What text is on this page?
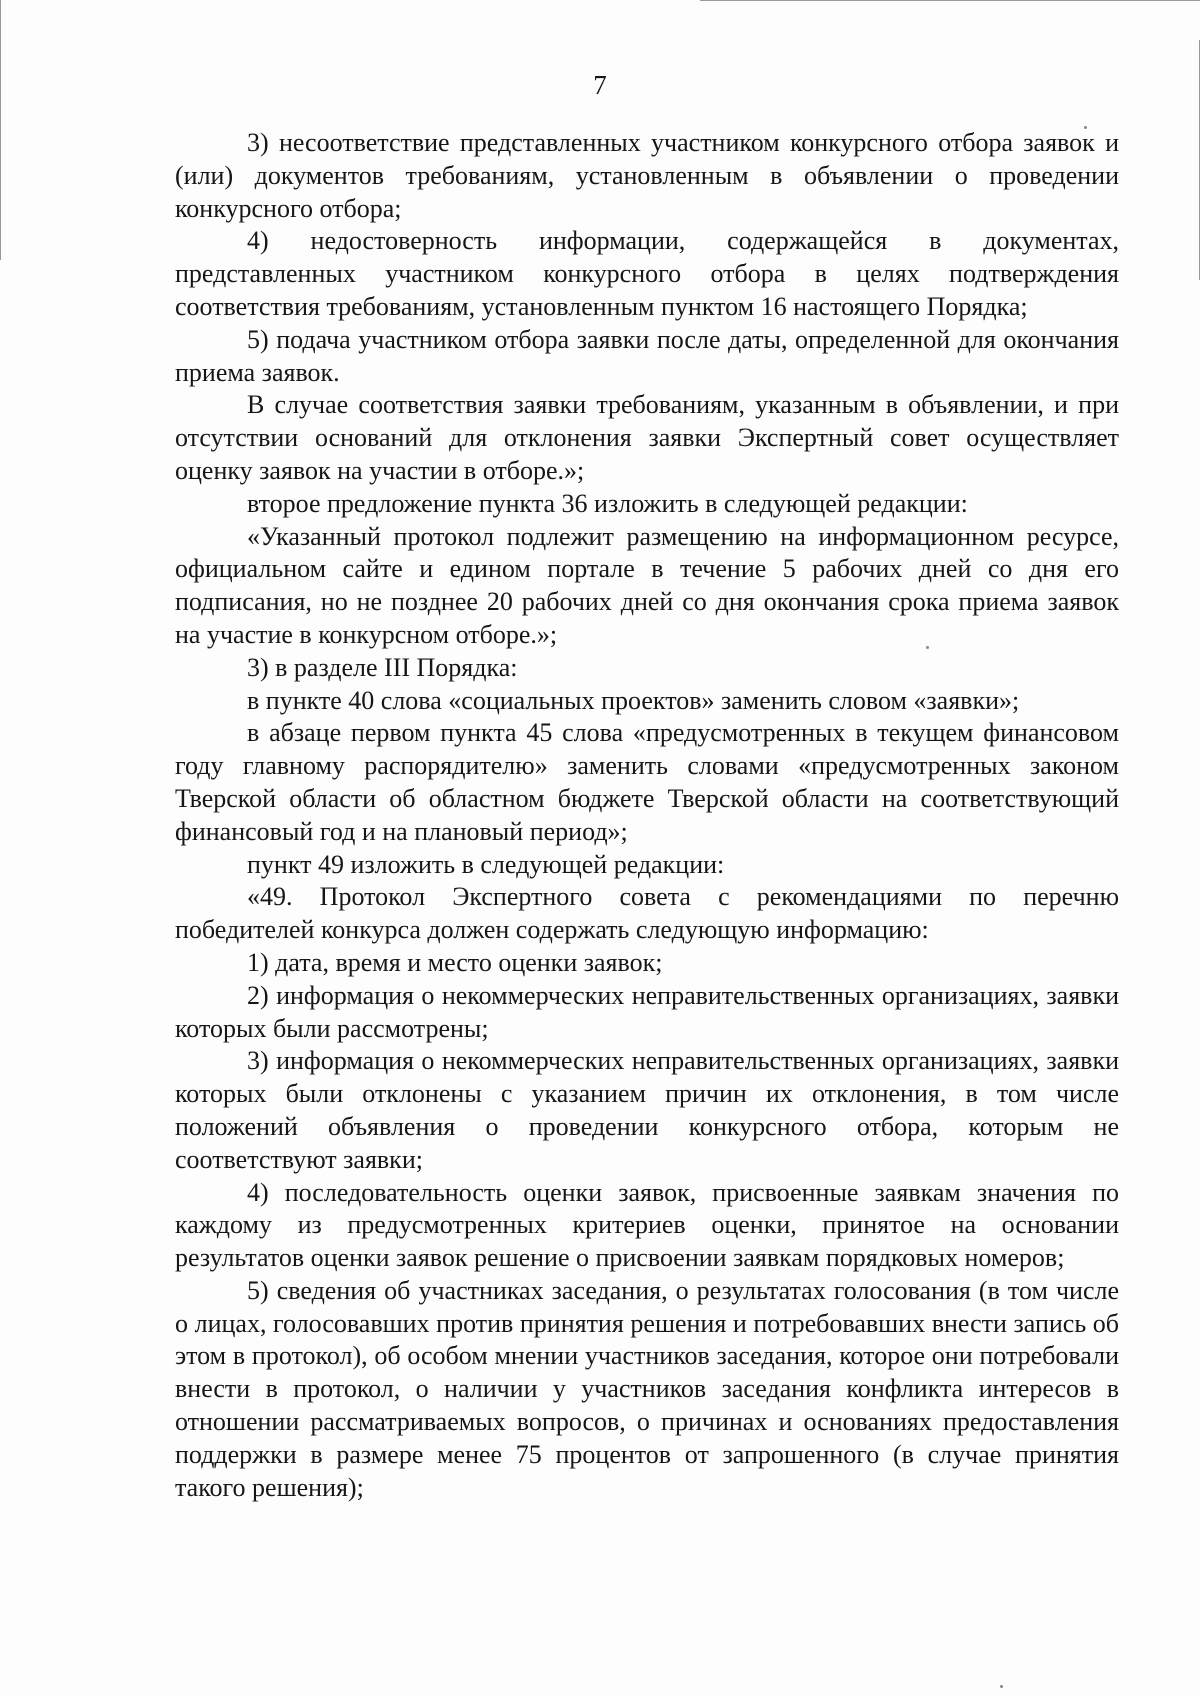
7

3) несоответствие представленных участником конкурсного отбора заявок и (или) документов требованиям, установленным в объявлении о проведении конкурсного отбора;

4) недостоверность информации, содержащейся в документах, представленных участником конкурсного отбора в целях подтверждения соответствия требованиям, установленным пунктом 16 настоящего Порядка;

5) подача участником отбора заявки после даты, определенной для окончания приема заявок.

В случае соответствия заявки требованиям, указанным в объявлении, и при отсутствии оснований для отклонения заявки Экспертный совет осуществляет оценку заявок на участии в отборе.»;

второе предложение пункта 36 изложить в следующей редакции:

«Указанный протокол подлежит размещению на информационном ресурсе, официальном сайте и едином портале в течение 5 рабочих дней со дня его подписания, но не позднее 20 рабочих дней со дня окончания срока приема заявок на участие в конкурсном отборе.»;

3) в разделе III Порядка:

в пункте 40 слова «социальных проектов» заменить словом «заявки»;

в абзаце первом пункта 45 слова «предусмотренных в текущем финансовом году главному распорядителю» заменить словами «предусмотренных законом Тверской области об областном бюджете Тверской области на соответствующий финансовый год и на плановый период»;

пункт 49 изложить в следующей редакции:

«49. Протокол Экспертного совета с рекомендациями по перечню победителей конкурса должен содержать следующую информацию:

1) дата, время и место оценки заявок;

2) информация о некоммерческих неправительственных организациях, заявки которых были рассмотрены;

3) информация о некоммерческих неправительственных организациях, заявки которых были отклонены с указанием причин их отклонения, в том числе положений объявления о проведении конкурсного отбора, которым не соответствуют заявки;

4) последовательность оценки заявок, присвоенные заявкам значения по каждому из предусмотренных критериев оценки, принятое на основании результатов оценки заявок решение о присвоении заявкам порядковых номеров;

5) сведения об участниках заседания, о результатах голосования (в том числе о лицах, голосовавших против принятия решения и потребовавших внести запись об этом в протокол), об особом мнении участников заседания, которое они потребовали внести в протокол, о наличии у участников заседания конфликта интересов в отношении рассматриваемых вопросов, о причинах и основаниях предоставления поддержки в размере менее 75 процентов от запрошенного (в случае принятия такого решения);
